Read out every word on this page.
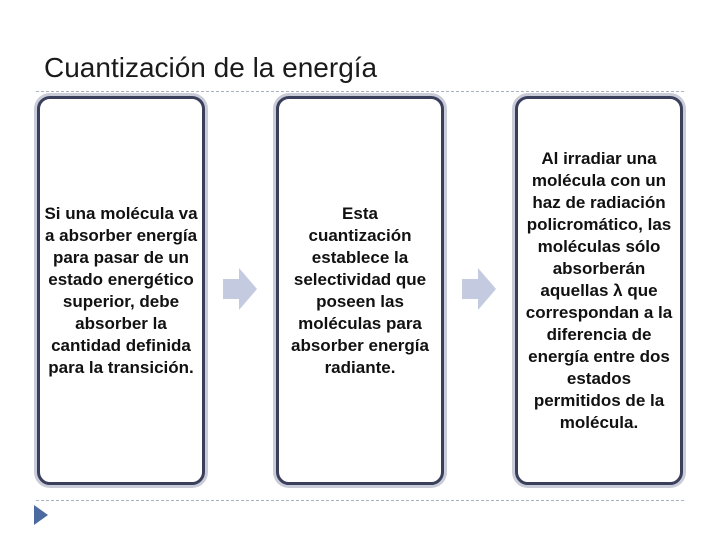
Cuantización de la energía
Si una molécula va a absorber energía para pasar de un estado energético superior, debe absorber la cantidad definida para la transición.
Esta cuantización establece la selectividad que poseen las moléculas para absorber energía radiante.
Al irradiar una molécula con un haz de radiación policromático, las moléculas sólo absorberán aquellas λ que correspondan a la diferencia de energía entre dos estados permitidos de la molécula.
